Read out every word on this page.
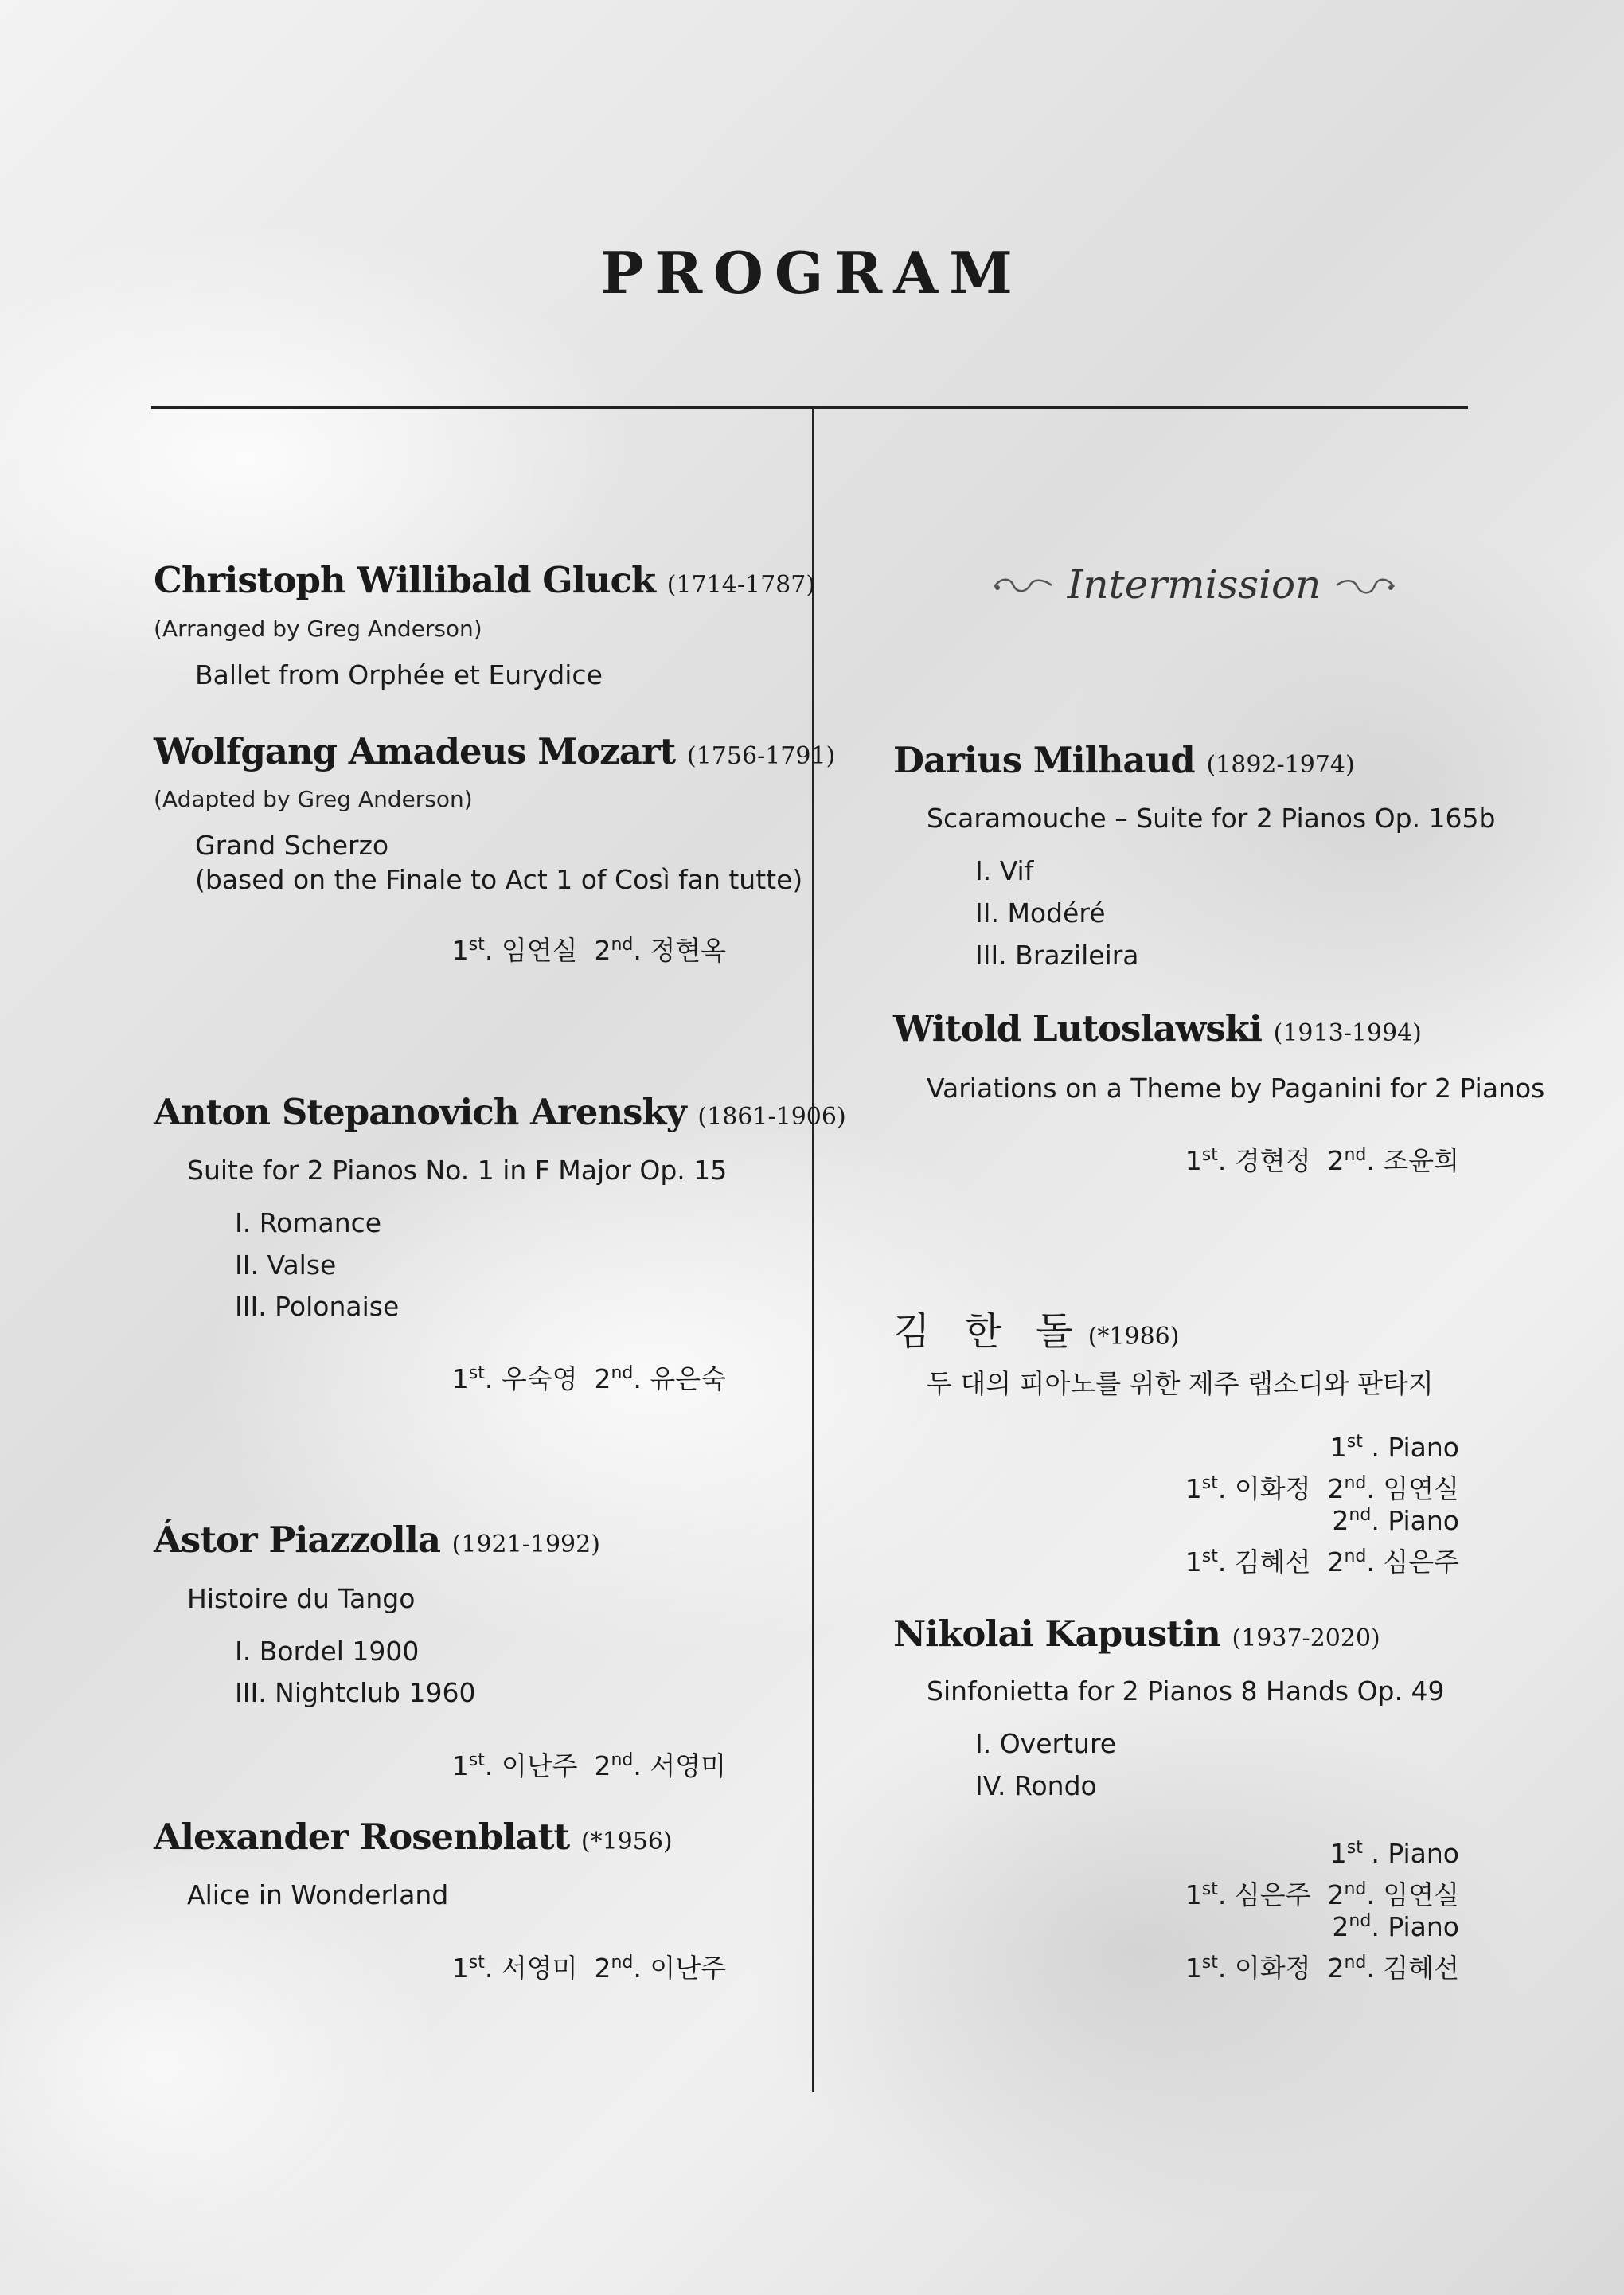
PROGRAM
Christoph Willibald Gluck (1714-1787)
(Arranged by Greg Anderson)
Ballet from Orphée et Eurydice
Wolfgang Amadeus Mozart (1756-1791)
(Adapted by Greg Anderson)
Grand Scherzo
(based on the Finale to Act 1 of Così fan tutte)
1st. 임연실 2nd. 정현옥
Anton Stepanovich Arensky (1861-1906)
Suite for 2 Pianos No. 1 in F Major Op. 15
I. Romance
II. Valse
III. Polonaise
1st. 우숙영 2nd. 유은숙
Ástor Piazzolla (1921-1992)
Histoire du Tango
I. Bordel 1900
III. Nightclub 1960
1st. 이난주 2nd. 서영미
Alexander Rosenblatt (*1956)
Alice in Wonderland
1st. 서영미 2nd. 이난주
Intermission
Darius Milhaud (1892-1974)
Scaramouche – Suite for 2 Pianos Op. 165b
I. Vif
II. Modéré
III. Brazileira
Witold Lutoslawski (1913-1994)
Variations on a Theme by Paganini for 2 Pianos
1st. 경현정 2nd. 조윤희
김 한 돌 (*1986)
두 대의 피아노를 위한 제주 랩소디와 판타지
1st . Piano
1st. 이화정 2nd. 임연실
2nd. Piano
1st. 김혜선 2nd. 심은주
Nikolai Kapustin (1937-2020)
Sinfonietta for 2 Pianos 8 Hands Op. 49
I. Overture
IV. Rondo
1st . Piano
1st. 심은주 2nd. 임연실
2nd. Piano
1st. 이화정 2nd. 김혜선
